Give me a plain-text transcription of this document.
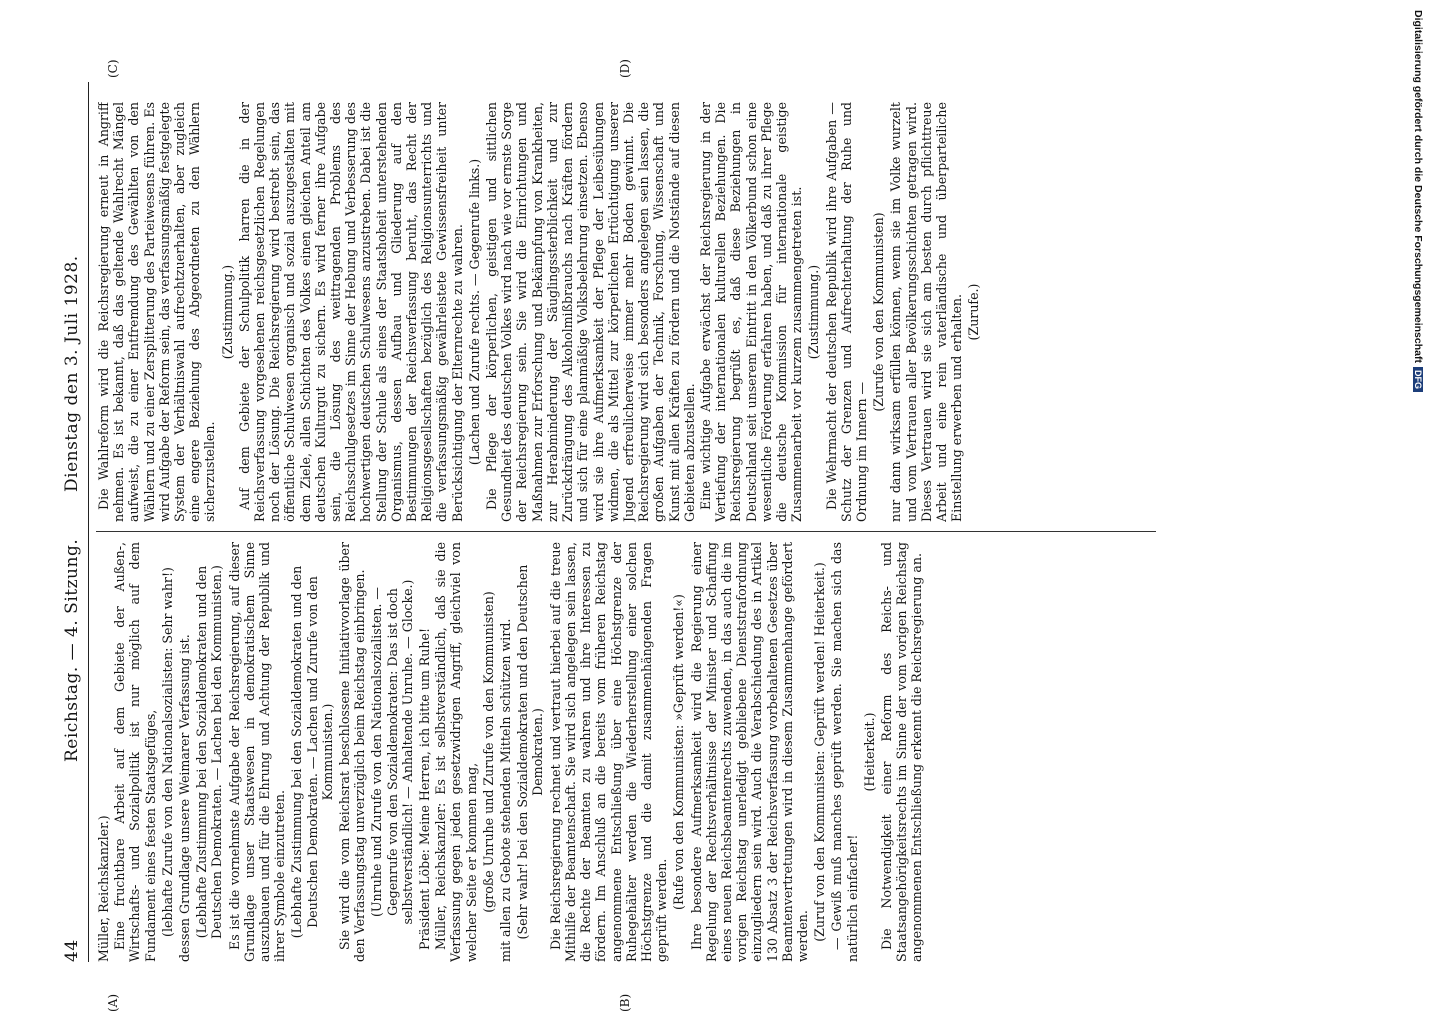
44
Reichstag. — 4. Sitzung.
Dienstag den 3. Juli 1928.

Müller, Reichskanzler.) Eine fruchtbare Arbeit auf dem Gebiete der Außen-, Wirtschafts- und Sozialpolitik ist nur möglich auf dem Fundament eines festen Staatsgefüges, (lebhafte Zurufe von den Nationalsozialisten: Sehr wahr!) dessen Grundlage unsere Weimarer Verfassung ist. (Lebhafte Zustimmung bei den Sozialdemokraten und den Deutschen Demokraten. — Lachen bei den Kommunisten.) Es ist die vornehmste Aufgabe der Reichsregierung, auf dieser Grundlage unser Staatswesen in demokratischem Sinne auszubauen und für die Ehrung und Achtung der Republik und ihrer Symbole einzutreten. (Lebhafte Zustimmung bei den Sozialdemokraten und den Deutschen Demokraten. — Lachen und Zurufe von den Kommunisten.) Sie wird die vom Reichsrat beschlossene Initiativvorlage über den Verfassungstag unverzüglich beim Reichstag einbringen. (Unruhe und Zurufe von den Nationalsozialisten. — Gegenrufe von den Sozialdemokraten: Das ist doch selbstverständlich! — Anhaltende Unruhe. — Glocke.) Präsident Löbe: Meine Herren, ich bitte um Ruhe! Müller, Reichskanzler: Es ist selbstverständlich, daß sie die Verfassung gegen jeden gesetzwidrigen Angriff, gleichviel von welcher Seite er kommen mag, (große Unruhe und Zurufe von den Kommunisten) mit allen zu Gebote stehenden Mitteln schützen wird. (Sehr wahr! bei den Sozialdemokraten und den Deutschen Demokraten.) Die Reichsregierung rechnet und vertraut hierbei auf die treue Mithilfe der Beamtenschaft. Sie wird sich angelegen sein lassen, die Rechte der Beamten zu wahren und ihre Interessen zu fördern. Im Anschluß an die bereits vom früheren Reichstag angenommene Entschließung über eine Höchstgrenze der Ruhegehälter werden die Wiederherstellung einer solchen Höchstgrenze und die damit zusammenhängenden Fragen geprüft werden.

(Rufe von den Kommunisten: »Geprüft werden!«) Ihre besondere Aufmerksamkeit wird die Regierung einer Regelung der Rechtsverhältnisse der Minister und Schaffung eines neuen Reichsbeamtenrechts zuwenden, in das auch die im vorigen Reichstag unerledigt gebliebene Dienststrafordnung einzugliedern sein wird. Auch die Verabschiedung des in Artikel 130 Absatz 3 der Reichsverfassung vorbehaltenen Gesetzes über Beamtenvertretungen wird in diesem Zusammenhange gefördert werden. (Zuruf von den Kommunisten: Geprüft werden! Heiterkeit.) — Gewiß muß manches geprüft werden. Sie machen sich das natürlich einfacher!

(Heiterkeit.) Die Notwendigkeit einer Reform des Reichs- und Staatsangehörigkeitsrechts im Sinne der vom vorigen Reichstag angenommenen Entschließung erkennt die Reichsregierung an.

Die Wahlreform wird die Reichsregierung erneut in Angriff nehmen. Es ist bekannt, daß das geltende Wahlrecht Mängel aufweist, die zu einer Entfremdung des Gewählten von den Wählern und zu einer Zersplitterung des Parteiwesens führen. Es wird Aufgabe der Reform sein, das verfassungsmäßig festgelegte System der Verhältniswahl aufrechtzuerhalten, aber zugleich eine engere Beziehung des Abgeordneten zu den Wählern sicherzustellen.

(Zustimmung.) Auf dem Gebiete der Schulpolitik harren die in der Reichsverfassung vorgesehenen reichsgesetzlichen Regelungen noch der Lösung. Die Reichsregierung wird bestrebt sein, das öffentliche Schulwesen organisch und sozial auszugestalten mit dem Ziele, allen Schichten des Volkes einen gleichen Anteil am deutschen Kulturgut zu sichern. Es wird ferner ihre Aufgabe sein, die Lösung des weittragenden Problems des Reichsschulgesetzes im Sinne der Hebung und Verbesserung des hochwertigen deutschen Schulwesens anzustreben. Dabei ist die Stellung der Schule als eines der Staatshoheit unterstehenden Organismus, dessen Aufbau und Gliederung auf den Bestimmungen der Reichsverfassung beruht, das Recht der Religionsgesellschaften bezüglich des Religionsunterrichts und die verfassungsmäßig gewährleistete Gewissensfreiheit unter Berücksichtigung der Elternrechte zu wahren. (Lachen und Zurufe rechts. — Gegenrufe links.) Die Pflege der körperlichen, geistigen und sittlichen Gesundheit des deutschen Volkes wird nach wie vor ernste Sorge der Reichsregierung sein. Sie wird die Einrichtungen und Maßnahmen zur Erforschung und Bekämpfung von Krankheiten, zur Herabminderung der Säuglingssterblichkeit und zur Zurückdrängung des Alkoholmißbrauchs nach Kräften fördern und sich für eine planmäßige Volksbelehrung einsetzen. Ebenso wird sie ihre Aufmerksamkeit der Pflege der Leibesübungen widmen, die als Mittel zur körperlichen Ertüchtigung unserer Jugend erfreulicherweise immer mehr Boden gewinnt. Die Reichsregierung wird sich besonders angelegen sein lassen, die großen Aufgaben der Technik, Forschung, Wissenschaft und Kunst mit allen Kräften zu fördern und die Notstände auf diesen Gebieten abzustellen. Eine wichtige Aufgabe erwächst der Reichsregierung in der Vertiefung der internationalen kulturellen Beziehungen. Die Reichsregierung begrüßt es, daß diese Beziehungen in Deutschland seit unserem Eintritt in den Völkerbund schon eine wesentliche Förderung erfahren haben, und daß zu ihrer Pflege die deutsche Kommission für internationale geistige Zusammenarbeit vor kurzem zusammengetreten ist. (Zustimmung.) Die Wehrmacht der deutschen Republik wird ihre Aufgaben — Schutz der Grenzen und Aufrechterhaltung der Ruhe und Ordnung im Innern —

(Zurufe von den Kommunisten) nur dann wirksam erfüllen können, wenn sie im Volke wurzelt und vom Vertrauen aller Bevölkerungsschichten getragen wird. Dieses Vertrauen wird sie sich am besten durch pflichttreue Arbeit und eine rein vaterländische und überparteiliche Einstellung erwerben und erhalten. (Zurufe.)

(A)	(B)
(C)	(D)	Digitalisierung gefördert durch die Deutsche ForschungsgemeinschaftDFG
